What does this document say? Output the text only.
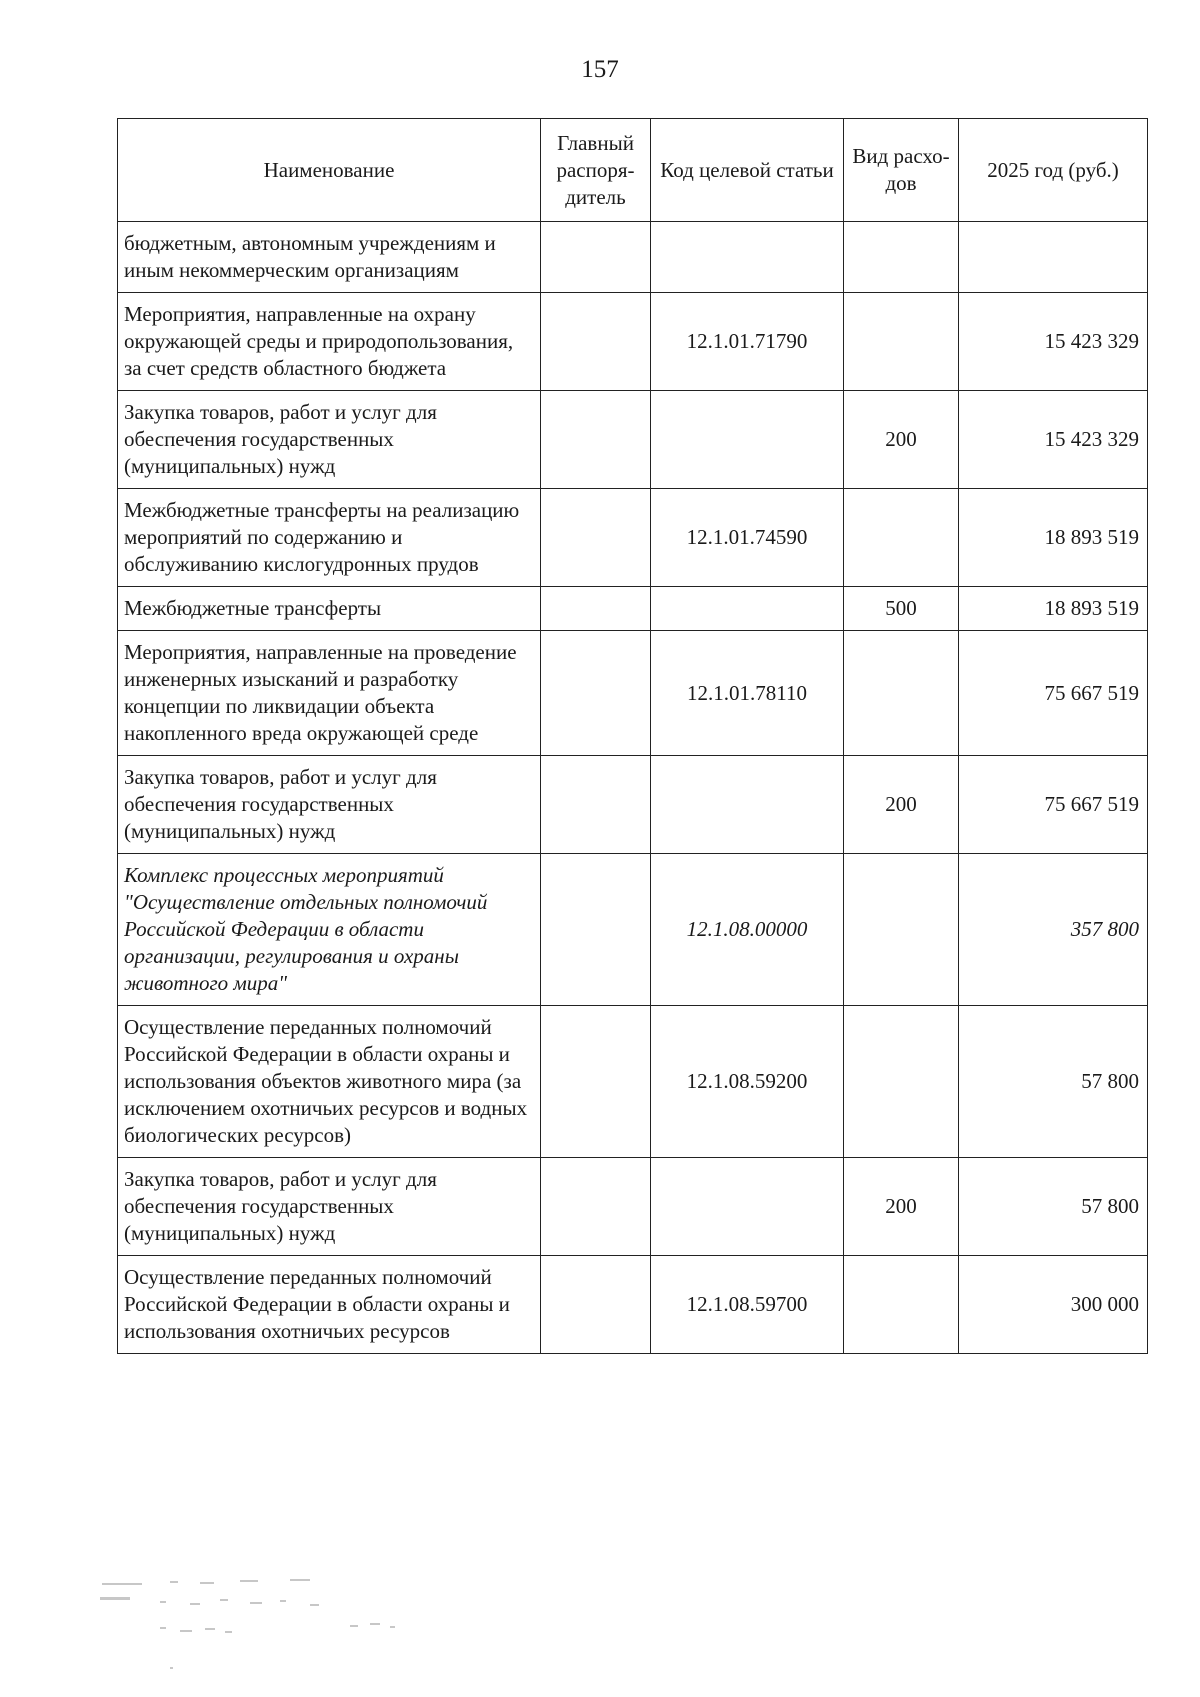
157
Наименование	Главный распоря-дитель	Код целевой статьи	Вид расхо-дов	2025 год (руб.)
бюджетным, автономным учреждениям и иным некоммерческим организациям				
Мероприятия, направленные на охрану окружающей среды и природопользования, за счет средств областного бюджета		12.1.01.71790		15 423 329
Закупка товаров, работ и услуг для обеспечения государственных (муниципальных) нужд			200	15 423 329
Межбюджетные трансферты на реализацию мероприятий по содержанию и обслуживанию кислогудронных прудов		12.1.01.74590		18 893 519
Межбюджетные трансферты			500	18 893 519
Мероприятия, направленные на проведение инженерных изысканий и разработку концепции по ликвидации объекта накопленного вреда окружающей среде		12.1.01.78110		75 667 519
Закупка товаров, работ и услуг для обеспечения государственных (муниципальных) нужд			200	75 667 519
Комплекс процессных мероприятий "Осуществление отдельных полномочий Российской Федерации в области организации, регулирования и охраны животного мира"		12.1.08.00000		357 800
Осуществление переданных полномочий Российской Федерации в области охраны и использования объектов животного мира (за исключением охотничьих ресурсов и водных биологических ресурсов)		12.1.08.59200		57 800
Закупка товаров, работ и услуг для обеспечения государственных (муниципальных) нужд			200	57 800
Осуществление переданных полномочий Российской Федерации в области охраны и использования охотничьих ресурсов		12.1.08.59700		300 000
